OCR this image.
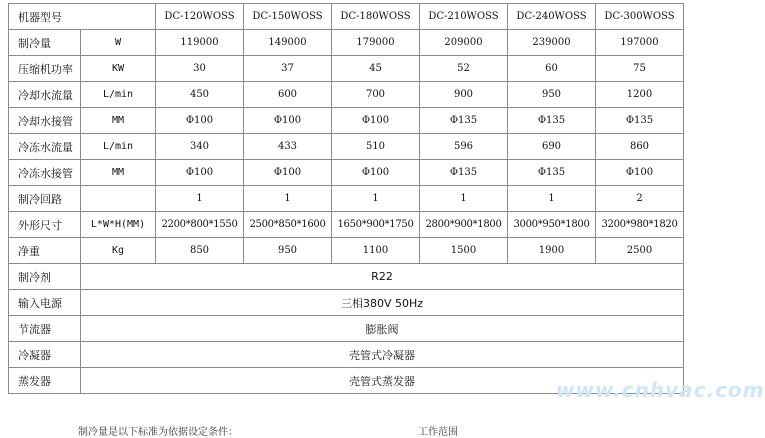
机器型号		DC-120WOSS	DC-150WOSS	DC-180WOSS	DC-210WOSS	DC-240WOSS	DC-300WOSS
制冷量	W	119000	149000	179000	209000	239000	197000
压缩机功率	KW	30	37	45	52	60	75
冷却水流量	L/min	450	600	700	900	950	1200
冷却水接管	MM	Φ100	Φ100	Φ100	Φ135	Φ135	Φ135
冷冻水流量	L/min	340	433	510	596	690	860
冷冻水接管	MM	Φ100	Φ100	Φ100	Φ135	Φ135	Φ100
制冷回路		1	1	1	1	1	2
外形尺寸	L*W*H(MM)	2200*800*1550	2500*850*1600	1650*900*1750	2800*900*1800	3000*950*1800	3200*980*1820
净重	Kg	850	950	1100	1500	1900	2500
制冷剂	R22						
输入电源	三相380V 50Hz						
节流器	膨胀阀						
冷凝器	壳管式冷凝器						
蒸发器	壳管式蒸发器						
制冷量是以下标准为依据设定条件：	工作范围
www.cnhvac.com
